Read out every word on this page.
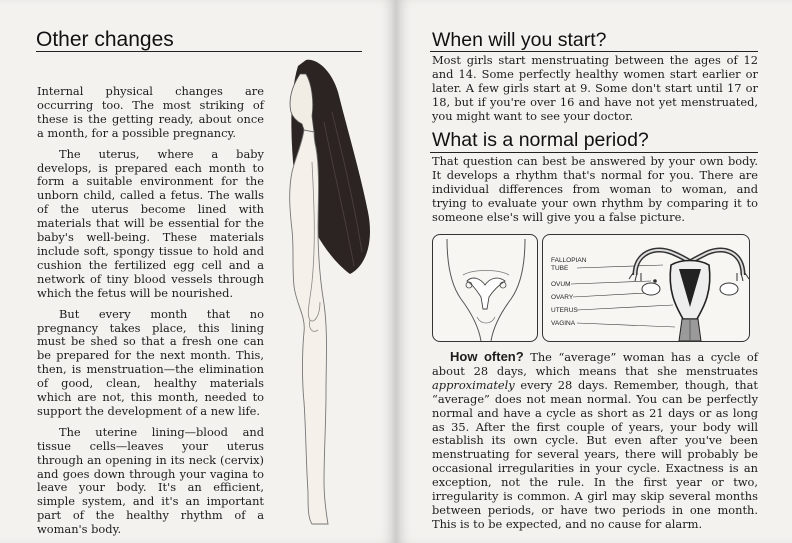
Other changes

Internal physical changes are occurring too. The most striking of these is the getting ready, about once a month, for a possible pregnancy.

The uterus, where a baby develops, is prepared each month to form a suitable environment for the unborn child, called a fetus. The walls of the uterus become lined with materials that will be essential for the baby's well-being. These materials include soft, spongy tissue to hold and cushion the fertilized egg cell and a network of tiny blood vessels through which the fetus will be nourished.

But every month that no pregnancy takes place, this lining must be shed so that a fresh one can be prepared for the next month. This, then, is menstruation—the elimination of good, clean, healthy materials which are not, this month, needed to support the development of a new life.

The uterine lining—blood and tissue cells—leaves your uterus through an opening in its neck (cervix) and goes down through your vagina to leave your body. It's an efficient, simple system, and it's an important part of the healthy rhythm of a woman's body.

When will you start?

Most girls start menstruating between the ages of 12 and 14. Some perfectly healthy women start earlier or later. A few girls start at 9. Some don't start until 17 or 18, but if you're over 16 and have not yet menstruated, you might want to see your doctor.

What is a normal period?

That question can best be answered by your own body. It develops a rhythm that's normal for you. There are individual differences from woman to woman, and trying to evaluate your own rhythm by comparing it to someone else's will give you a false picture.

FALLOPIAN
TUBE
OVUM
OVARY
UTERUS
VAGINA

How often? The “average” woman has a cycle of about 28 days, which means that she menstruates approximately every 28 days. Remember, though, that “average” does not mean normal. You can be perfectly normal and have a cycle as short as 21 days or as long as 35. After the first couple of years, your body will establish its own cycle. But even after you've been menstruating for several years, there will probably be occasional irregularities in your cycle. Exactness is an exception, not the rule. In the first year or two, irregularity is common. A girl may skip several months between periods, or have two periods in one month. This is to be expected, and no cause for alarm.
